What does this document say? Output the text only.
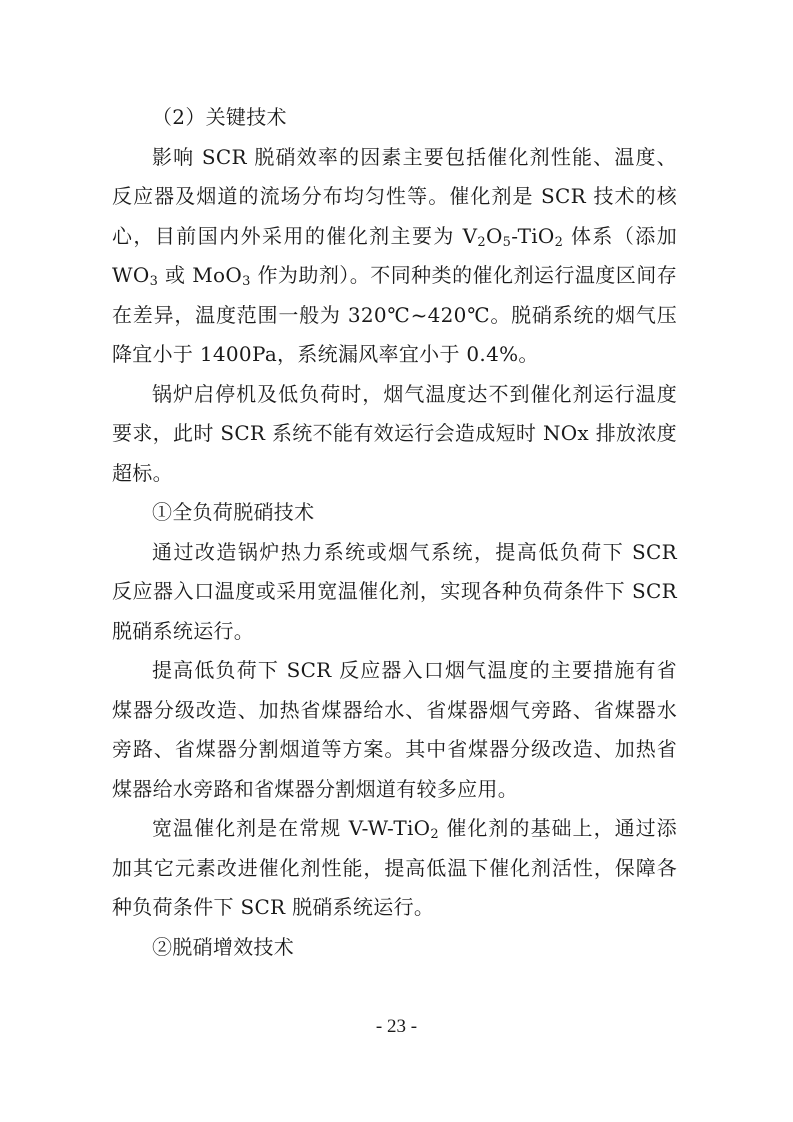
（2）关键技术

影响 SCR 脱硝效率的因素主要包括催化剂性能、温度、反应器及烟道的流场分布均匀性等。催化剂是 SCR 技术的核心，目前国内外采用的催化剂主要为 $V_2O_5-TiO_2$ 体系（添加 $WO_3$ 或 MoO$_3$ 作为助剂）。不同种类的催化剂运行温度区间存在差异，温度范围一般为 320℃~420℃。脱硝系统的烟气压降宜小于 1400Pa，系统漏风率宜小于 0.4%。

锅炉启停机及低负荷时，烟气温度达不到催化剂运行温度要求，此时 SCR 系统不能有效运行会造成短时 NOx 排放浓度超标。

①全负荷脱硝技术

通过改造锅炉热力系统或烟气系统，提高低负荷下 SCR 反应器入口温度或采用宽温催化剂，实现各种负荷条件下 SCR 脱硝系统运行。

提高低负荷下 SCR 反应器入口烟气温度的主要措施有省煤器分级改造、加热省煤器给水、省煤器烟气旁路、省煤器水旁路、省煤器分割烟道等方案。其中省煤器分级改造、加热省煤器给水旁路和省煤器分割烟道有较多应用。

宽温催化剂是在常规 V-W-TiO$_2$ 催化剂的基础上，通过添加其它元素改进催化剂性能，提高低温下催化剂活性，保障各种负荷条件下 SCR 脱硝系统运行。

②脱硝增效技术

- 23 -
